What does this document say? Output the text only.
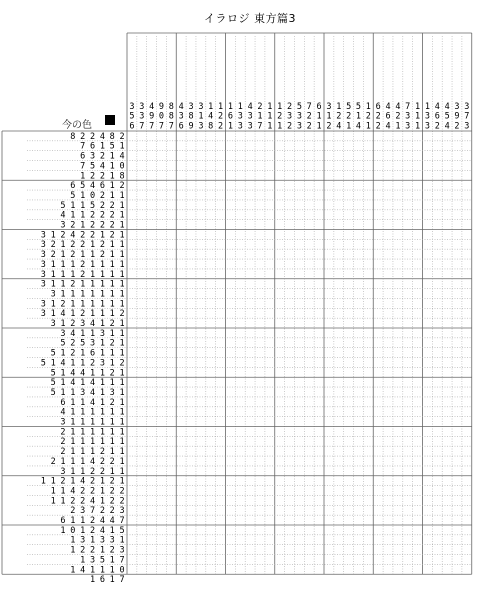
イラロジ 東方篇3
今の色
3
5
6
3
3
7
4
9
7
9
0
7
8
8
7
4
3
6
3
8
9
3
1
3
1
4
8
1
2
2
1
6
1
1
3
3
4
3
3
2
1
7
1
1
1
1
2
1
2
3
2
5
3
3
7
2
2
6
1
1
3
1
2
1
2
4
5
2
1
5
1
4
1
2
1
6
2
2
4
6
4
4
2
1
7
3
3
1
1
1
1
3
3
4
6
2
4
5
4
3
9
2
3
7
3
8 2 2 4 8 2
7 6 1 5 1
6 3 2 1 4
7 5 4 1 0
1 2 2 1 8
6 5 4 6 1 2
5 1 0 2 1 1
5 1 1 5 2 2 1
4 1 1 2 2 2 1
3 2 1 2 2 2 1
3 1 2 4 2 2 1 2 1
3 2 1 2 2 1 2 1 1
3 2 1 2 1 1 2 1 1
3 1 1 1 2 1 1 1 1
3 1 1 1 2 1 1 1 1
3 1 1 2 1 1 1 1 1
3 1 1 1 1 1 1 1
3 1 2 1 1 1 1 1 1
3 1 4 1 2 1 1 1 2
3 1 2 3 4 1 2 1
3 4 1 1 3 1 1
5 2 5 3 1 2 1
5 1 2 1 6 1 1 1
5 1 4 1 1 2 3 1 2
5 1 4 4 1 1 2 1
5 1 4 1 4 1 1 1
5 1 1 3 4 1 3 1
6 1 1 4 1 2 1
4 1 1 1 1 1 1
3 1 1 1 1 1 1
2 1 1 1 1 1 1
2 1 1 1 1 1 1
2 1 1 1 2 1 1
2 1 1 1 4 2 2 1
3 1 1 2 2 1 1
1 1 2 1 4 2 1 2 1
1 1 4 2 2 1 2 2
1 1 2 2 4 1 2 2
2 3 7 2 2 3
6 1 1 2 4 4 7
1 0 1 2 4 1 5
1 3 1 3 3 1
1 2 2 1 2 3
1 3 5 1 7
1 4 1 1 1 0
1 6 1 7
